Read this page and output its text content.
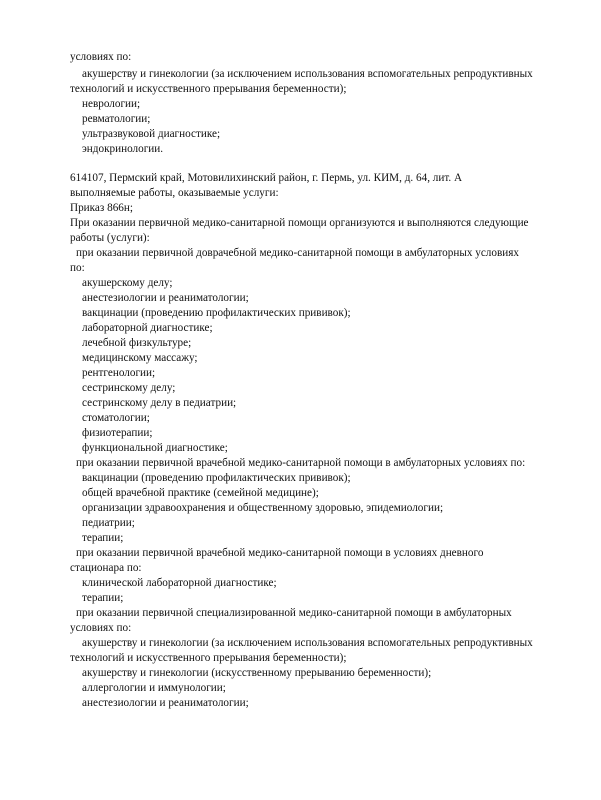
условиях по:
акушерству и гинекологии (за исключением использования вспомогательных репродуктивных
технологий и искусственного прерывания беременности);
неврологии;
ревматологии;
ультразвуковой диагностике;
эндокринологии.
614107, Пермский край, Мотовилихинский район, г. Пермь, ул. КИМ, д. 64, лит. А
выполняемые работы, оказываемые услуги:
Приказ 866н;
При оказании первичной медико-санитарной помощи организуются и выполняются следующие
работы (услуги):
при оказании первичной доврачебной медико-санитарной помощи в амбулаторных условиях
по:
акушерскому делу;
анестезиологии и реаниматологии;
вакцинации (проведению профилактических прививок);
лабораторной диагностике;
лечебной физкультуре;
медицинскому массажу;
рентгенологии;
сестринскому делу;
сестринскому делу в педиатрии;
стоматологии;
физиотерапии;
функциональной диагностике;
при оказании первичной врачебной медико-санитарной помощи в амбулаторных условиях по:
вакцинации (проведению профилактических прививок);
общей врачебной практике (семейной медицине);
организации здравоохранения и общественному здоровью, эпидемиологии;
педиатрии;
терапии;
при оказании первичной врачебной медико-санитарной помощи в условиях дневного
стационара по:
клинической лабораторной диагностике;
терапии;
при оказании первичной специализированной медико-санитарной помощи в амбулаторных
условиях по:
акушерству и гинекологии (за исключением использования вспомогательных репродуктивных
технологий и искусственного прерывания беременности);
акушерству и гинекологии (искусственному прерыванию беременности);
аллергологии и иммунологии;
анестезиологии и реаниматологии;
